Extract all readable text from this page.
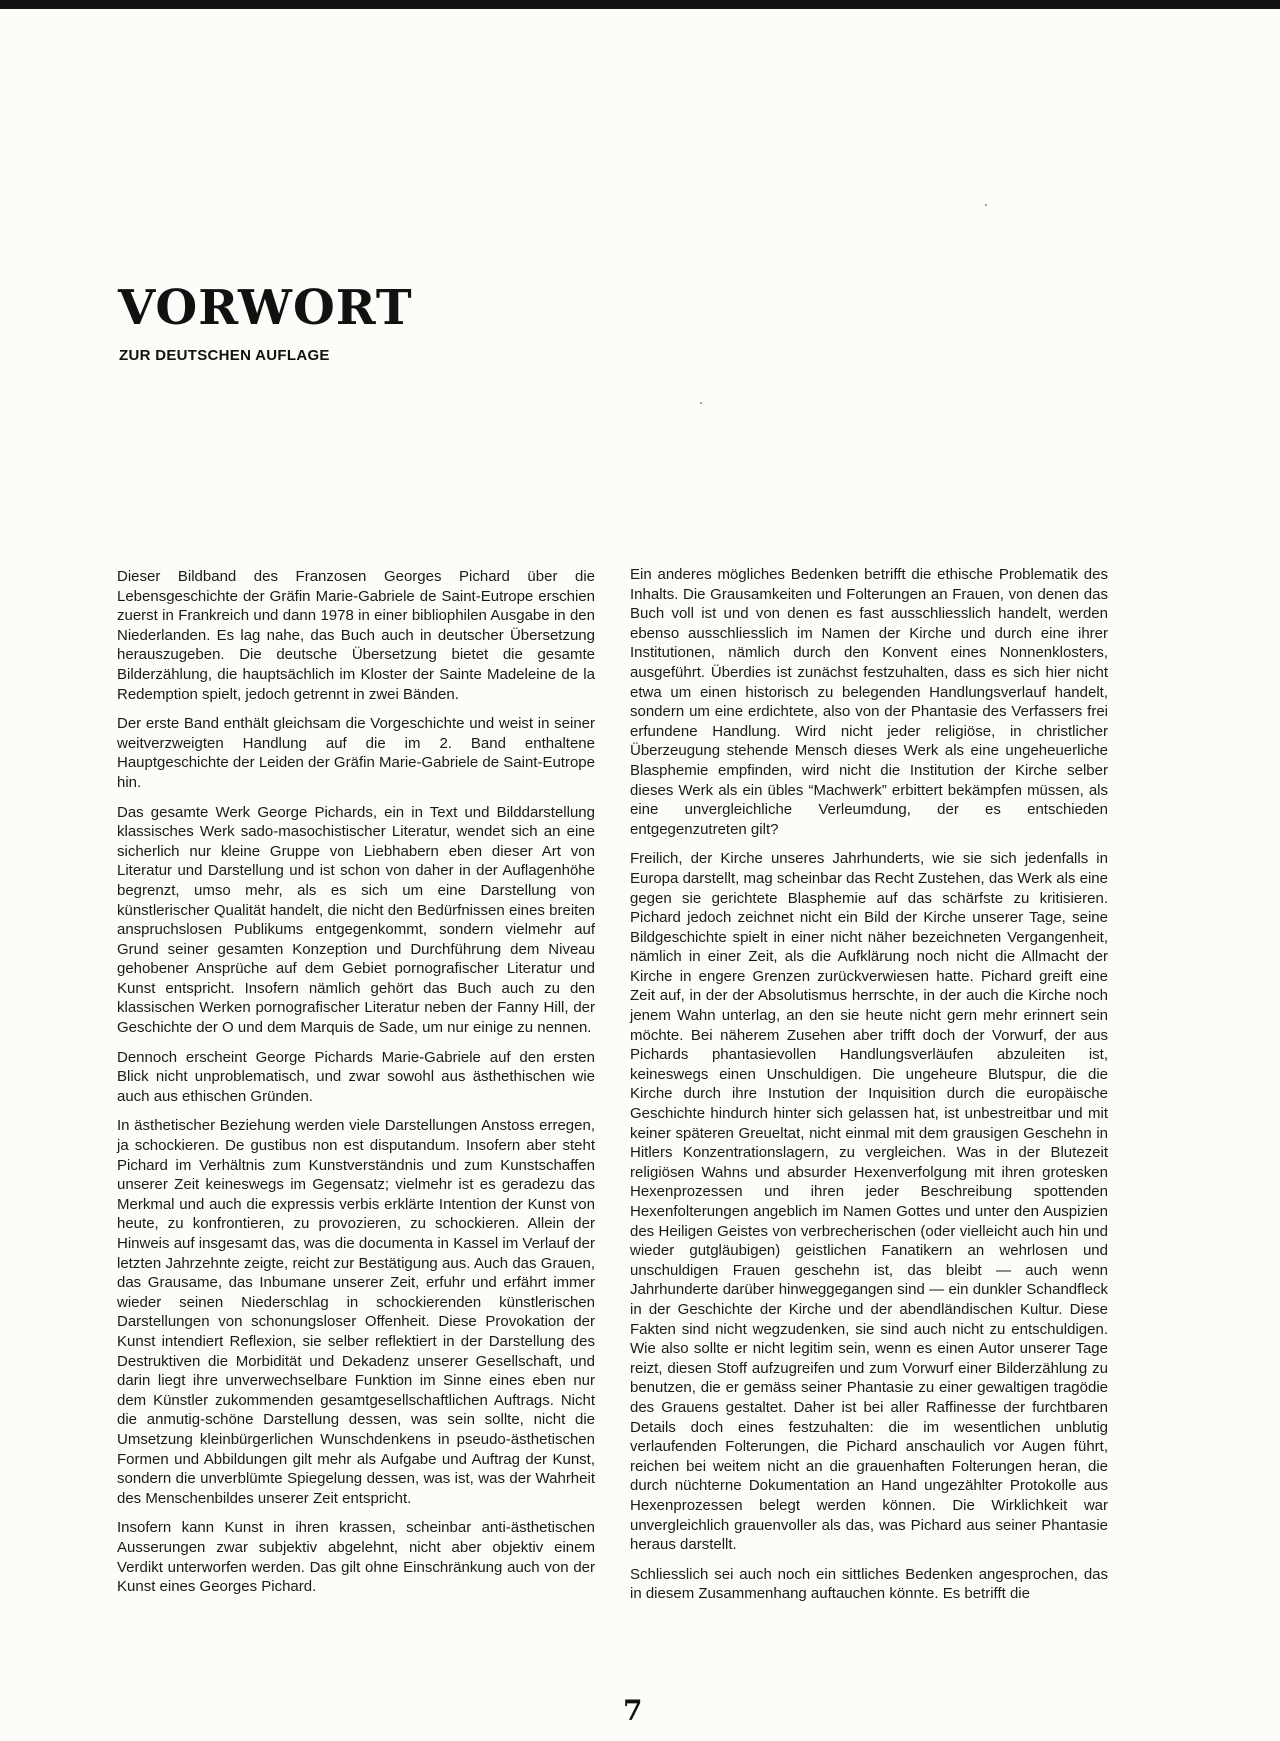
VORWORT
ZUR DEUTSCHEN AUFLAGE

Dieser Bildband des Franzosen Georges Pichard über die Lebensgeschichte der Gräfin Marie-Gabriele de Saint-Eutrope erschien zuerst in Frankreich und dann 1978 in einer bibliophilen Ausgabe in den Niederlanden. Es lag nahe, das Buch auch in deutscher Übersetzung herauszugeben. Die deutsche Übersetzung bietet die gesamte Bilderzählung, die hauptsächlich im Kloster der Sainte Madeleine de la Redemption spielt, jedoch getrennt in zwei Bänden.

Der erste Band enthält gleichsam die Vorgeschichte und weist in seiner weitverzweigten Handlung auf die im 2. Band enthaltene Hauptgeschichte der Leiden der Gräfin Marie-Gabriele de Saint-Eutrope hin.

Das gesamte Werk George Pichards, ein in Text und Bilddarstellung klassisches Werk sado-masochistischer Literatur, wendet sich an eine sicherlich nur kleine Gruppe von Liebhabern eben dieser Art von Literatur und Darstellung und ist schon von daher in der Auflagenhöhe begrenzt, umso mehr, als es sich um eine Darstellung von künstlerischer Qualität handelt, die nicht den Bedürfnissen eines breiten anspruchslosen Publikums entgegenkommt, sondern vielmehr auf Grund seiner gesamten Konzeption und Durchführung dem Niveau gehobener Ansprüche auf dem Gebiet pornografischer Literatur und Kunst entspricht. Insofern nämlich gehört das Buch auch zu den klassischen Werken pornografischer Literatur neben der Fanny Hill, der Geschichte der O und dem Marquis de Sade, um nur einige zu nennen.

Dennoch erscheint George Pichards Marie-Gabriele auf den ersten Blick nicht unproblematisch, und zwar sowohl aus ästhethischen wie auch aus ethischen Gründen.

In ästhetischer Beziehung werden viele Darstellungen Anstoss erregen, ja schockieren. De gustibus non est disputandum. Insofern aber steht Pichard im Verhältnis zum Kunstverständnis und zum Kunstschaffen unserer Zeit keineswegs im Gegensatz; vielmehr ist es geradezu das Merkmal und auch die expressis verbis erklärte Intention der Kunst von heute, zu konfrontieren, zu provozieren, zu schockieren. Allein der Hinweis auf insgesamt das, was die documenta in Kassel im Verlauf der letzten Jahrzehnte zeigte, reicht zur Bestätigung aus. Auch das Grauen, das Grausame, das Inbumane unserer Zeit, erfuhr und erfährt immer wieder seinen Niederschlag in schockierenden künstlerischen Darstellungen von schonungsloser Offenheit. Diese Provokation der Kunst intendiert Reflexion, sie selber reflektiert in der Darstellung des Destruktiven die Morbidität und Dekadenz unserer Gesellschaft, und darin liegt ihre unverwechselbare Funktion im Sinne eines eben nur dem Künstler zukommenden gesamtgesellschaftlichen Auftrags. Nicht die anmutig-schöne Darstellung dessen, was sein sollte, nicht die Umsetzung kleinbürgerlichen Wunschdenkens in pseudo-ästhetischen Formen und Abbildungen gilt mehr als Aufgabe und Auftrag der Kunst, sondern die unverblümte Spiegelung dessen, was ist, was der Wahrheit des Menschenbildes unserer Zeit entspricht.

Insofern kann Kunst in ihren krassen, scheinbar anti-ästhetischen Ausserungen zwar subjektiv abgelehnt, nicht aber objektiv einem Verdikt unterworfen werden. Das gilt ohne Einschränkung auch von der Kunst eines Georges Pichard.

Ein anderes mögliches Bedenken betrifft die ethische Problematik des Inhalts. Die Grausamkeiten und Folterungen an Frauen, von denen das Buch voll ist und von denen es fast ausschliesslich handelt, werden ebenso ausschliesslich im Namen der Kirche und durch eine ihrer Institutionen, nämlich durch den Konvent eines Nonnenklosters, ausgeführt. Überdies ist zunächst festzuhalten, dass es sich hier nicht etwa um einen historisch zu belegenden Handlungsverlauf handelt, sondern um eine erdichtete, also von der Phantasie des Verfassers frei erfundene Handlung. Wird nicht jeder religiöse, in christlicher Überzeugung stehende Mensch dieses Werk als eine ungeheuerliche Blasphemie empfinden, wird nicht die Institution der Kirche selber dieses Werk als ein übles “Machwerk” erbittert bekämpfen müssen, als eine unvergleichliche Verleumdung, der es entschieden entgegenzutreten gilt?

Freilich, der Kirche unseres Jahrhunderts, wie sie sich jedenfalls in Europa darstellt, mag scheinbar das Recht Zustehen, das Werk als eine gegen sie gerichtete Blasphemie auf das schärfste zu kritisieren. Pichard jedoch zeichnet nicht ein Bild der Kirche unserer Tage, seine Bildgeschichte spielt in einer nicht näher bezeichneten Vergangenheit, nämlich in einer Zeit, als die Aufklärung noch nicht die Allmacht der Kirche in engere Grenzen zurückverwiesen hatte. Pichard greift eine Zeit auf, in der der Absolutismus herrschte, in der auch die Kirche noch jenem Wahn unterlag, an den sie heute nicht gern mehr erinnert sein möchte. Bei näherem Zusehen aber trifft doch der Vorwurf, der aus Pichards phantasievollen Handlungsverläufen abzuleiten ist, keineswegs einen Unschuldigen. Die ungeheure Blutspur, die die Kirche durch ihre Instution der Inquisition durch die europäische Geschichte hindurch hinter sich gelassen hat, ist unbestreitbar und mit keiner späteren Greueltat, nicht einmal mit dem grausigen Geschehn in Hitlers Konzentrationslagern, zu vergleichen. Was in der Blutezeit religiösen Wahns und absurder Hexenverfolgung mit ihren grotesken Hexenprozessen und ihren jeder Beschreibung spottenden Hexenfolterungen angeblich im Namen Gottes und unter den Auspizien des Heiligen Geistes von verbrecherischen (oder vielleicht auch hin und wieder gutgläubigen) geistlichen Fanatikern an wehrlosen und unschuldigen Frauen geschehn ist, das bleibt — auch wenn Jahrhunderte darüber hinweggegangen sind — ein dunkler Schandfleck in der Geschichte der Kirche und der abendländischen Kultur. Diese Fakten sind nicht wegzudenken, sie sind auch nicht zu entschuldigen. Wie also sollte er nicht legitim sein, wenn es einen Autor unserer Tage reizt, diesen Stoff aufzugreifen und zum Vorwurf einer Bilderzählung zu benutzen, die er gemäss seiner Phantasie zu einer gewaltigen tragödie des Grauens gestaltet. Daher ist bei aller Raffinesse der furchtbaren Details doch eines festzuhalten: die im wesentlichen unblutig verlaufenden Folterungen, die Pichard anschaulich vor Augen führt, reichen bei weitem nicht an die grauenhaften Folterungen heran, die durch nüchterne Dokumentation an Hand ungezählter Protokolle aus Hexenprozessen belegt werden können. Die Wirklichkeit war unvergleichlich grauenvoller als das, was Pichard aus seiner Phantasie heraus darstellt.

Schliesslich sei auch noch ein sittliches Bedenken angesprochen, das in diesem Zusammenhang auftauchen könnte. Es betrifft die

7
